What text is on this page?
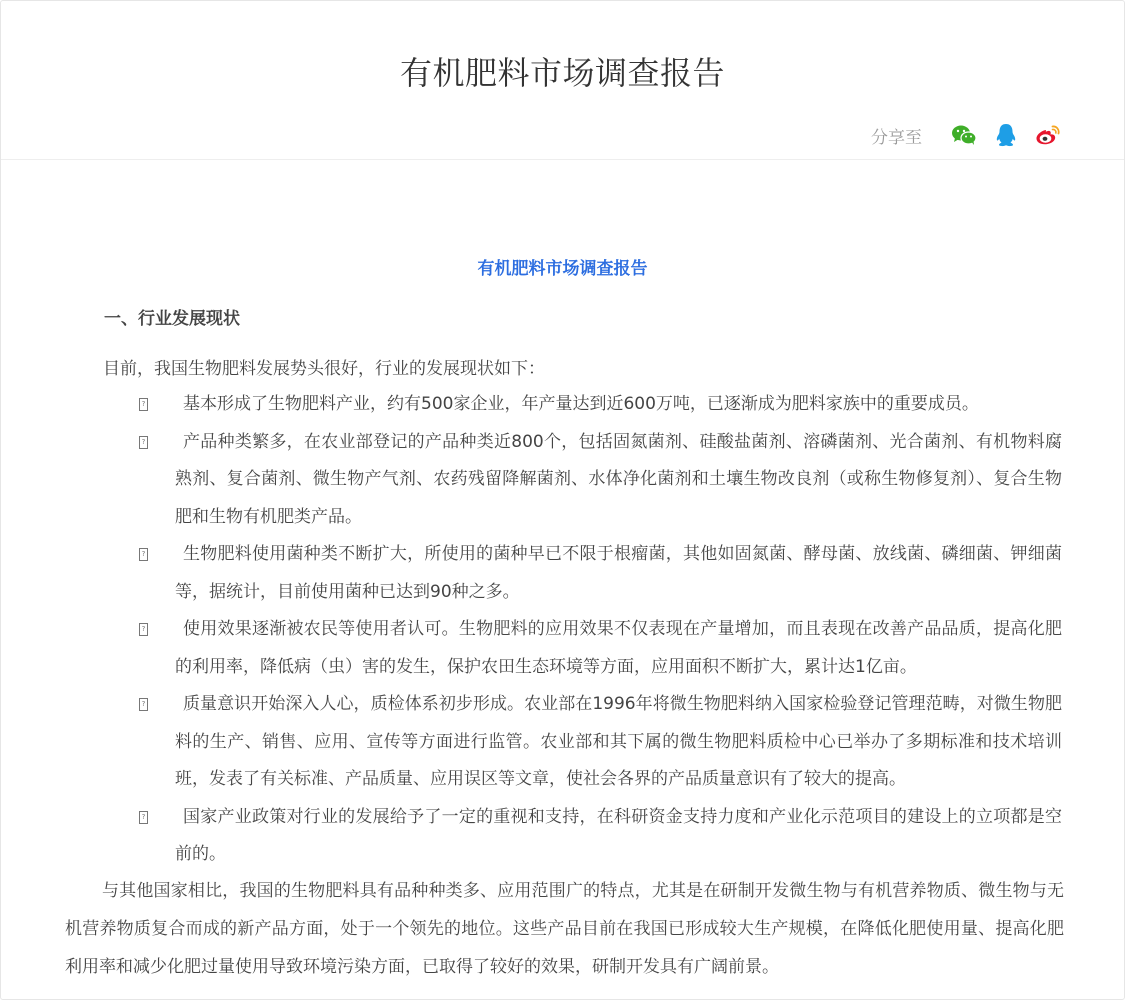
有机肥料市场调查报告
分享至
有机肥料市场调查报告
一、行业发展现状
目前，我国生物肥料发展势头很好，行业的发展现状如下：
?	基本形成了生物肥料产业，约有500家企业，年产量达到近600万吨，已逐渐成为肥料家族中的重要成员。
?	产品种类繁多，在农业部登记的产品种类近800个，包括固氮菌剂、硅酸盐菌剂、溶磷菌剂、光合菌剂、有机物料腐熟剂、复合菌剂、微生物产气剂、农药残留降解菌剂、水体净化菌剂和土壤生物改良剂（或称生物修复剂）、复合生物肥和生物有机肥类产品。
?	生物肥料使用菌种类不断扩大，所使用的菌种早已不限于根瘤菌，其他如固氮菌、酵母菌、放线菌、磷细菌、钾细菌等，据统计，目前使用菌种已达到90种之多。
?	使用效果逐渐被农民等使用者认可。生物肥料的应用效果不仅表现在产量增加，而且表现在改善产品品质，提高化肥的利用率，降低病（虫）害的发生，保护农田生态环境等方面，应用面积不断扩大，累计达1亿亩。
?	质量意识开始深入人心，质检体系初步形成。农业部在1996年将微生物肥料纳入国家检验登记管理范畴，对微生物肥料的生产、销售、应用、宣传等方面进行监管。农业部和其下属的微生物肥料质检中心已举办了多期标准和技术培训班，发表了有关标准、产品质量、应用误区等文章，使社会各界的产品质量意识有了较大的提高。
?	国家产业政策对行业的发展给予了一定的重视和支持，在科研资金支持力度和产业化示范项目的建设上的立项都是空前的。
与其他国家相比，我国的生物肥料具有品种种类多、应用范围广的特点，尤其是在研制开发微生物与有机营养物质、微生物与无机营养物质复合而成的新产品方面，处于一个领先的地位。这些产品目前在我国已形成较大生产规模，在降低化肥使用量、提高化肥利用率和减少化肥过量使用导致环境污染方面，已取得了较好的效果，研制开发具有广阔前景。
